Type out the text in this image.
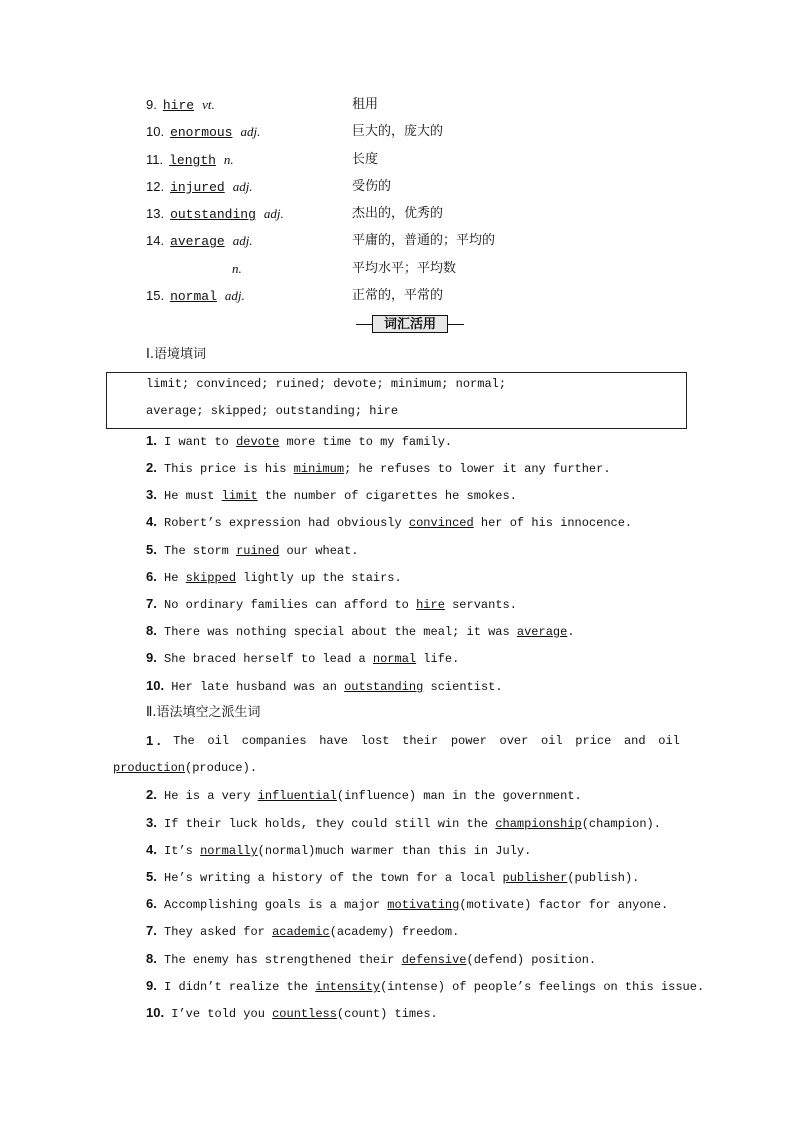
9. hire vt.	租用
10. enormous adj.	巨大的，庞大的
11. length n.	长度
12. injured adj.	受伤的
13. outstanding adj.	杰出的，优秀的
14. average adj.	平庸的，普通的；平均的
n.	平均水平；平均数
15. normal adj.	正常的，平常的
词汇活用
Ⅰ.语境填词
limit; convinced; ruined; devote; minimum; normal;
average; skipped; outstanding; hire
1. I want to devote more time to my family.
2. This price is his minimum; he refuses to lower it any further.
3. He must limit the number of cigarettes he smokes.
4. Robert’s expression had obviously convinced her of his innocence.
5. The storm ruined our wheat.
6. He skipped lightly up the stairs.
7. No ordinary families can afford to hire servants.
8. There was nothing special about the meal; it was average.
9. She braced herself to lead a normal life.
10. Her late husband was an outstanding scientist.
Ⅱ.语法填空之派生词
1 . The oil companies have lost their power over oil price and oil
production(produce).
2. He is a very influential(influence) man in the government.
3. If their luck holds, they could still win the championship(champion).
4. It’s normally(normal)much warmer than this in July.
5. He’s writing a history of the town for a local publisher(publish).
6. Accomplishing goals is a major motivating(motivate) factor for anyone.
7. They asked for academic(academy) freedom.
8. The enemy has strengthened their defensive(defend) position.
9. I didn’t realize the intensity(intense) of people’s feelings on this issue.
10. I’ve told you countless(count) times.
